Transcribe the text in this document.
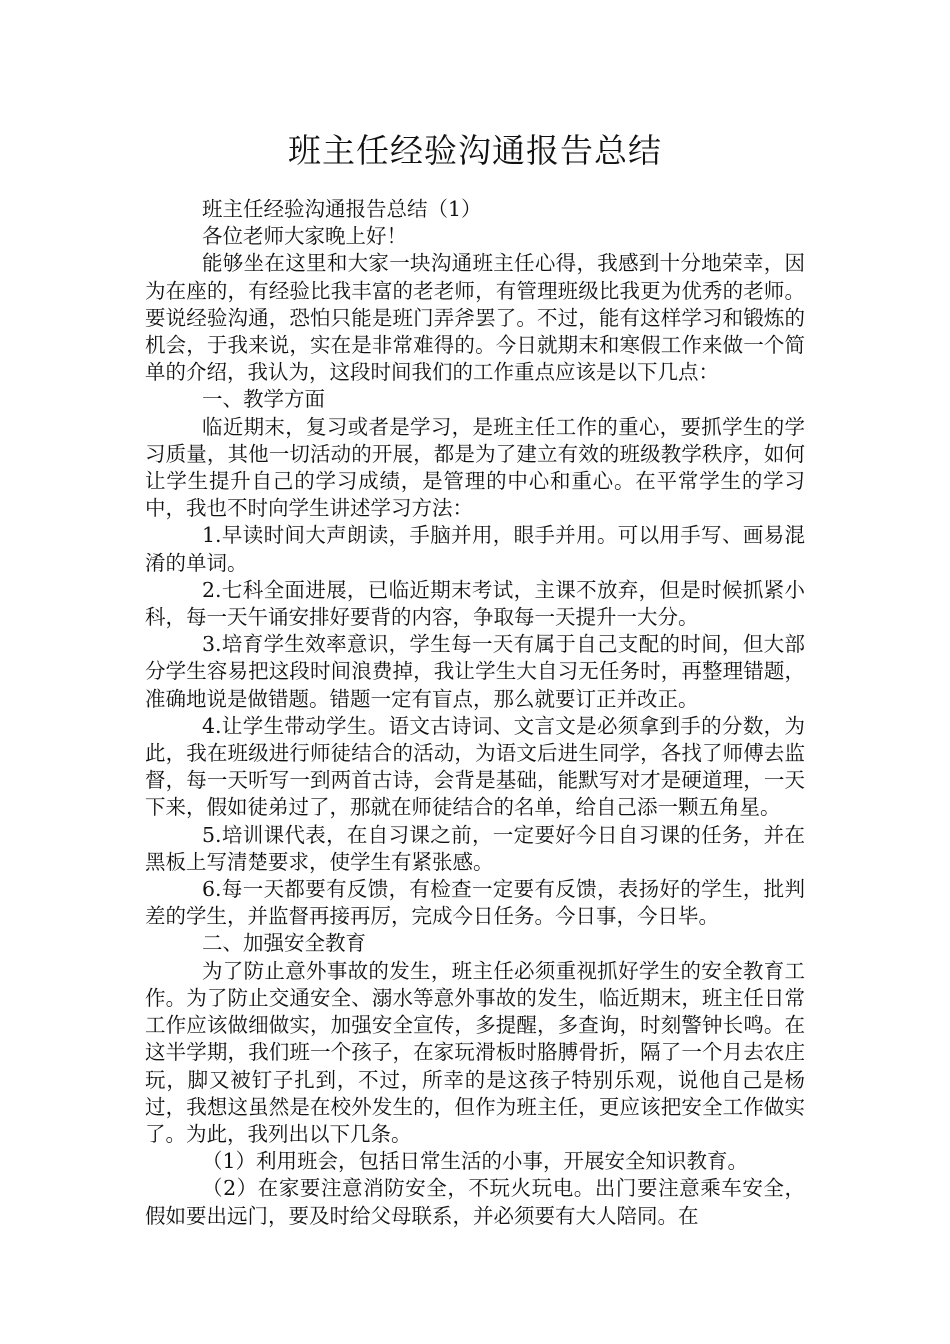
班主任经验沟通报告总结

班主任经验沟通报告总结（1）

各位老师大家晚上好！

能够坐在这里和大家一块沟通班主任心得，我感到十分地荣幸，因为在座的，有经验比我丰富的老老师，有管理班级比我更为优秀的老师。要说经验沟通，恐怕只能是班门弄斧罢了。不过，能有这样学习和锻炼的机会，于我来说，实在是非常难得的。今日就期末和寒假工作来做一个简单的介绍，我认为，这段时间我们的工作重点应该是以下几点：

一、教学方面

临近期末，复习或者是学习，是班主任工作的重心，要抓学生的学习质量，其他一切活动的开展，都是为了建立有效的班级教学秩序，如何让学生提升自己的学习成绩，是管理的中心和重心。在平常学生的学习中，我也不时向学生讲述学习方法：

1.早读时间大声朗读，手脑并用，眼手并用。可以用手写、画易混淆的单词。

2.七科全面进展，已临近期末考试，主课不放弃，但是时候抓紧小科，每一天午诵安排好要背的内容，争取每一天提升一大分。

3.培育学生效率意识，学生每一天有属于自己支配的时间，但大部分学生容易把这段时间浪费掉，我让学生大自习无任务时，再整理错题，准确地说是做错题。错题一定有盲点，那么就要订正并改正。

4.让学生带动学生。语文古诗词、文言文是必须拿到手的分数，为此，我在班级进行师徒结合的活动，为语文后进生同学，各找了师傅去监督，每一天听写一到两首古诗，会背是基础，能默写对才是硬道理，一天下来，假如徒弟过了，那就在师徒结合的名单，给自己添一颗五角星。

5.培训课代表，在自习课之前，一定要好今日自习课的任务，并在黑板上写清楚要求，使学生有紧张感。

6.每一天都要有反馈，有检查一定要有反馈，表扬好的学生，批判差的学生，并监督再接再厉，完成今日任务。今日事，今日毕。

二、加强安全教育

为了防止意外事故的发生，班主任必须重视抓好学生的安全教育工作。为了防止交通安全、溺水等意外事故的发生，临近期末，班主任日常工作应该做细做实，加强安全宣传，多提醒，多查询，时刻警钟长鸣。在这半学期，我们班一个孩子，在家玩滑板时胳膊骨折，隔了一个月去农庄玩，脚又被钉子扎到，不过，所幸的是这孩子特别乐观，说他自己是杨过，我想这虽然是在校外发生的，但作为班主任，更应该把安全工作做实了。为此，我列出以下几条。

（1）利用班会，包括日常生活的小事，开展安全知识教育。

（2）在家要注意消防安全，不玩火玩电。出门要注意乘车安全，假如要出远门，要及时给父母联系，并必须要有大人陪同。在
